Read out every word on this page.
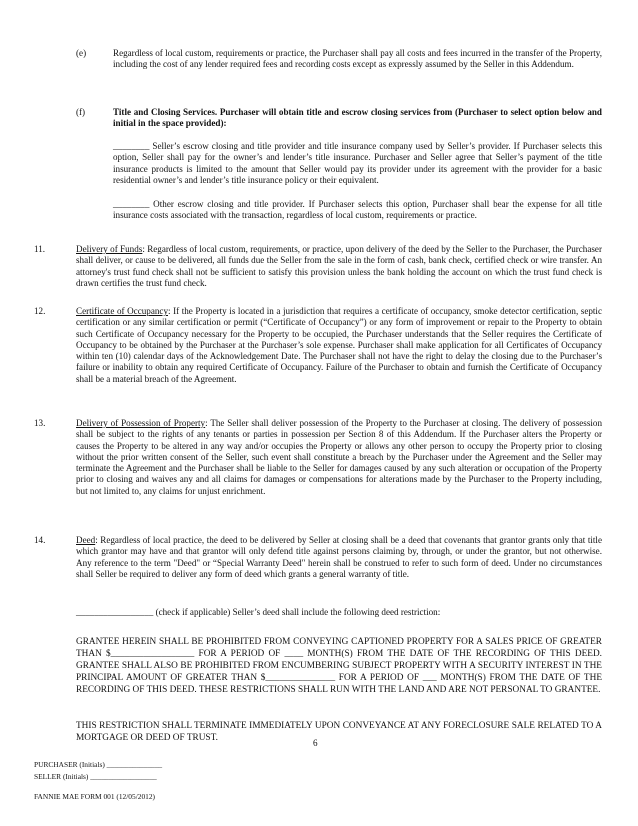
(e)	Regardless of local custom, requirements or practice, the Purchaser shall pay all costs and fees incurred in the transfer of the Property, including the cost of any lender required fees and recording costs except as expressly assumed by the Seller in this Addendum.

(f)	Title and Closing Services. Purchaser will obtain title and escrow closing services from (Purchaser to select option below and initial in the space provided):

________ Seller’s escrow closing and title provider and title insurance company used by Seller’s provider. If Purchaser selects this option, Seller shall pay for the owner’s and lender’s title insurance. Purchaser and Seller agree that Seller’s payment of the title insurance products is limited to the amount that Seller would pay its provider under its agreement with the provider for a basic residential owner’s and lender’s title insurance policy or their equivalent.

________ Other escrow closing and title provider. If Purchaser selects this option, Purchaser shall bear the expense for all title insurance costs associated with the transaction, regardless of local custom, requirements or practice.

11.	Delivery of Funds: Regardless of local custom, requirements, or practice, upon delivery of the deed by the Seller to the Purchaser, the Purchaser shall deliver, or cause to be delivered, all funds due the Seller from the sale in the form of cash, bank check, certified check or wire transfer. An attorney's trust fund check shall not be sufficient to satisfy this provision unless the bank holding the account on which the trust fund check is drawn certifies the trust fund check.

12.	Certificate of Occupancy: If the Property is located in a jurisdiction that requires a certificate of occupancy, smoke detector certification, septic certification or any similar certification or permit (“Certificate of Occupancy”) or any form of improvement or repair to the Property to obtain such Certificate of Occupancy necessary for the Property to be occupied, the Purchaser understands that the Seller requires the Certificate of Occupancy to be obtained by the Purchaser at the Purchaser’s sole expense. Purchaser shall make application for all Certificates of Occupancy within ten (10) calendar days of the Acknowledgement Date. The Purchaser shall not have the right to delay the closing due to the Purchaser’s failure or inability to obtain any required Certificate of Occupancy. Failure of the Purchaser to obtain and furnish the Certificate of Occupancy shall be a material breach of the Agreement.

13.	Delivery of Possession of Property: The Seller shall deliver possession of the Property to the Purchaser at closing. The delivery of possession shall be subject to the rights of any tenants or parties in possession per Section 8 of this Addendum. If the Purchaser alters the Property or causes the Property to be altered in any way and/or occupies the Property or allows any other person to occupy the Property prior to closing without the prior written consent of the Seller, such event shall constitute a breach by the Purchaser under the Agreement and the Seller may terminate the Agreement and the Purchaser shall be liable to the Seller for damages caused by any such alteration or occupation of the Property prior to closing and waives any and all claims for damages or compensations for alterations made by the Purchaser to the Property including, but not limited to, any claims for unjust enrichment.

14.	Deed: Regardless of local practice, the deed to be delivered by Seller at closing shall be a deed that covenants that grantor grants only that title which grantor may have and that grantor will only defend title against persons claiming by, through, or under the grantor, but not otherwise. Any reference to the term "Deed" or “Special Warranty Deed" herein shall be construed to refer to such form of deed. Under no circumstances shall Seller be required to deliver any form of deed which grants a general warranty of title.

_________________ (check if applicable) Seller’s deed shall include the following deed restriction:

GRANTEE HEREIN SHALL BE PROHIBITED FROM CONVEYING CAPTIONED PROPERTY FOR A SALES PRICE OF GREATER THAN $__________________ FOR A PERIOD OF ____ MONTH(S) FROM THE DATE OF THE RECORDING OF THIS DEED. GRANTEE SHALL ALSO BE PROHIBITED FROM ENCUMBERING SUBJECT PROPERTY WITH A SECURITY INTEREST IN THE PRINCIPAL AMOUNT OF GREATER THAN $_______________ FOR A PERIOD OF ___ MONTH(S) FROM THE DATE OF THE RECORDING OF THIS DEED. THESE RESTRICTIONS SHALL RUN WITH THE LAND AND ARE NOT PERSONAL TO GRANTEE.

THIS RESTRICTION SHALL TERMINATE IMMEDIATELY UPON CONVEYANCE AT ANY FORECLOSURE SALE RELATED TO A MORTGAGE OR DEED OF TRUST.	6
PURCHASER (Initials) _______________
SELLER (Initials) __________________
FANNIE MAE FORM 001 (12/05/2012)
